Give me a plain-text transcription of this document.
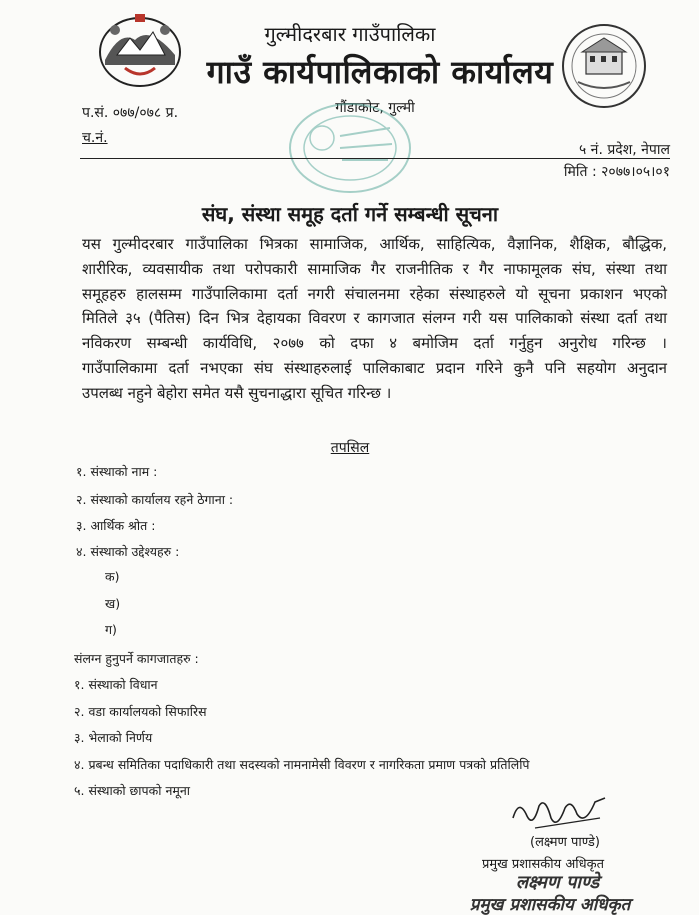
गुल्मीदरबार गाउँपालिका
गाउँ कार्यपालिकाको कार्यालय
गौंडाकोट, गुल्मी
प.सं. ०७७/०७८ प्र.
च.नं.
५ नं. प्रदेश, नेपाल
मिति : २०७७।०५।०१
संघ, संस्था समूह दर्ता गर्ने सम्बन्धी सूचना
यस गुल्मीदरबार गाउँपालिका भित्रका सामाजिक, आर्थिक, साहित्यिक, वैज्ञानिक, शैक्षिक, बौद्धिक,
शारीरिक, व्यवसायीक तथा परोपकारी सामाजिक गैर राजनीतिक र गैर नाफामूलक संघ, संस्था तथा
समूहहरु हालसम्म गाउँपालिकामा दर्ता नगरी संचालनमा रहेका संस्थाहरुले यो सूचना प्रकाशन भएको
मितिले ३५ (पैतिस) दिन भित्र देहायका विवरण र कागजात संलग्न गरी यस पालिकाको संस्था दर्ता तथा
नविकरण सम्बन्धी कार्यविधि, २०७७ को दफा ४ बमोजिम दर्ता गर्नुहुन अनुरोध गरिन्छ ।
गाउँपालिकामा दर्ता नभएका संघ संस्थाहरुलाई पालिकाबाट प्रदान गरिने कुनै पनि सहयोग अनुदान
उपलब्ध नहुने बेहोरा समेत यसै सुचनाद्धारा सूचित गरिन्छ ।
तपसिल
१. संस्थाको नाम :
२. संस्थाको कार्यालय रहने ठेगाना :
३. आर्थिक श्रोत :
४. संस्थाको उद्देश्यहरु :
क)
ख)
ग)
संलग्न हुनुपर्ने कागजातहरु :
१. संस्थाको विधान
२. वडा कार्यालयको सिफारिस
३. भेलाको निर्णय
४. प्रबन्ध समितिका पदाधिकारी तथा सदस्यको नामनामेसी विवरण र नागरिकता प्रमाण पत्रको प्रतिलिपि
५. संस्थाको छापको नमूना
(लक्ष्मण पाण्डे)
प्रमुख प्रशासकीय अधिकृत
लक्ष्मण पाण्डे
प्रमुख प्रशासकीय अधिकृत
